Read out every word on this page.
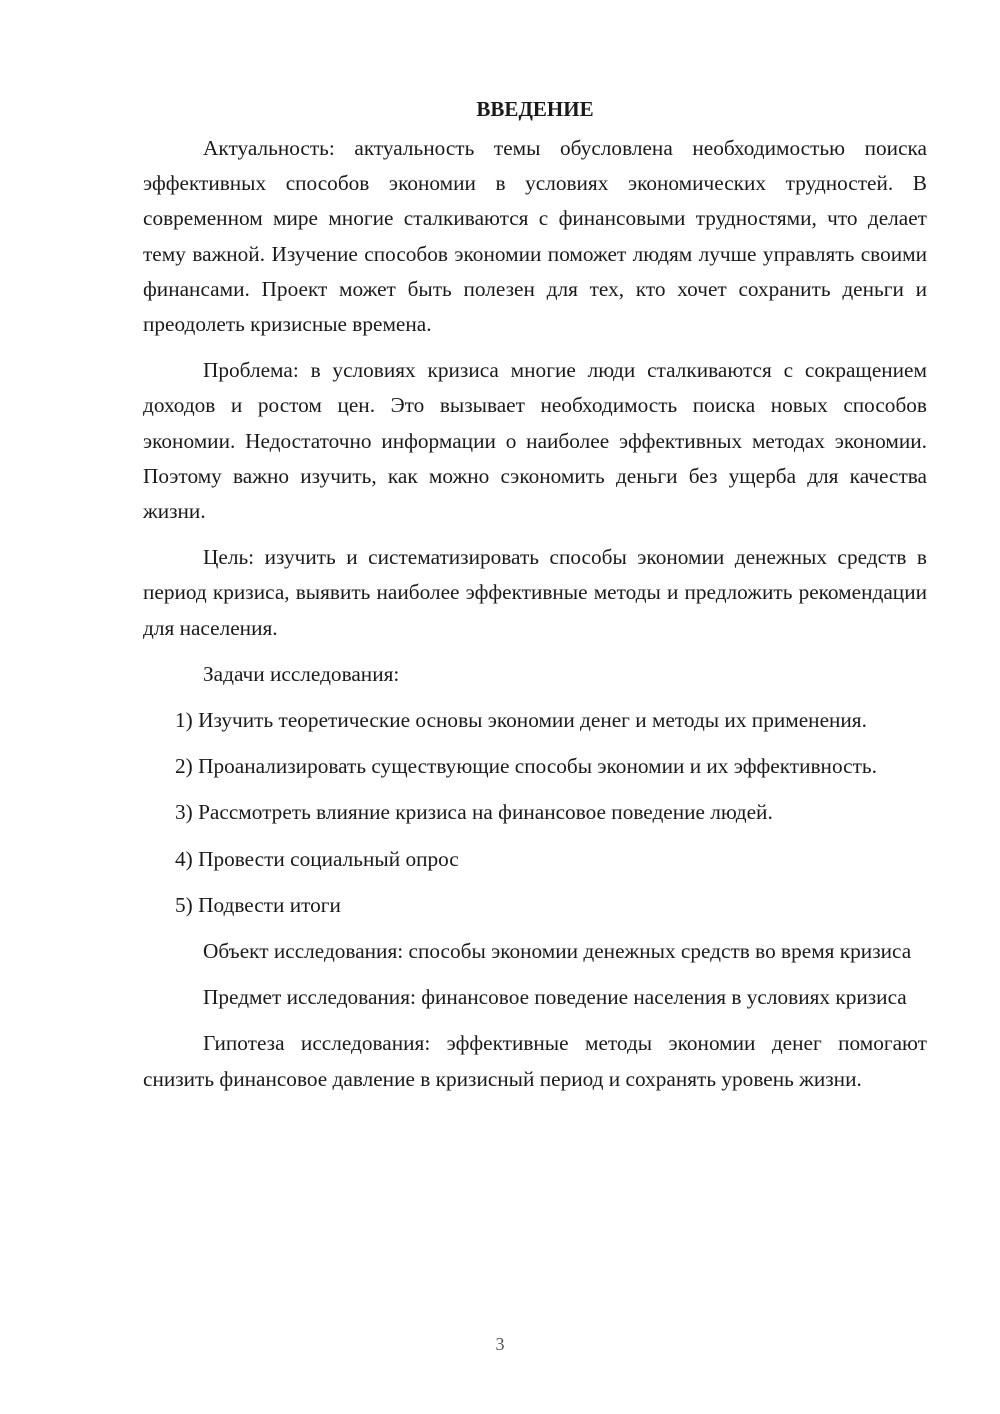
ВВЕДЕНИЕ

Актуальность: актуальность темы обусловлена необходимостью поиска эффективных способов экономии в условиях экономических трудностей. В современном мире многие сталкиваются с финансовыми трудностями, что делает тему важной. Изучение способов экономии поможет людям лучше управлять своими финансами. Проект может быть полезен для тех, кто хочет сохранить деньги и преодолеть кризисные времена.

Проблема: в условиях кризиса многие люди сталкиваются с сокращением доходов и ростом цен. Это вызывает необходимость поиска новых способов экономии. Недостаточно информации о наиболее эффективных методах экономии. Поэтому важно изучить, как можно сэкономить деньги без ущерба для качества жизни.

Цель: изучить и систематизировать способы экономии денежных средств в период кризиса, выявить наиболее эффективные методы и предложить рекомендации для населения.

Задачи исследования:

1) Изучить теоретические основы экономии денег и методы их применения.

2) Проанализировать существующие способы экономии и их эффективность.

3) Рассмотреть влияние кризиса на финансовое поведение людей.

4) Провести социальный опрос

5) Подвести итоги

Объект исследования: способы экономии денежных средств во время кризиса

Предмет исследования: финансовое поведение населения в условиях кризиса

Гипотеза исследования: эффективные методы экономии денег помогают снизить финансовое давление в кризисный период и сохранять уровень жизни.

3
